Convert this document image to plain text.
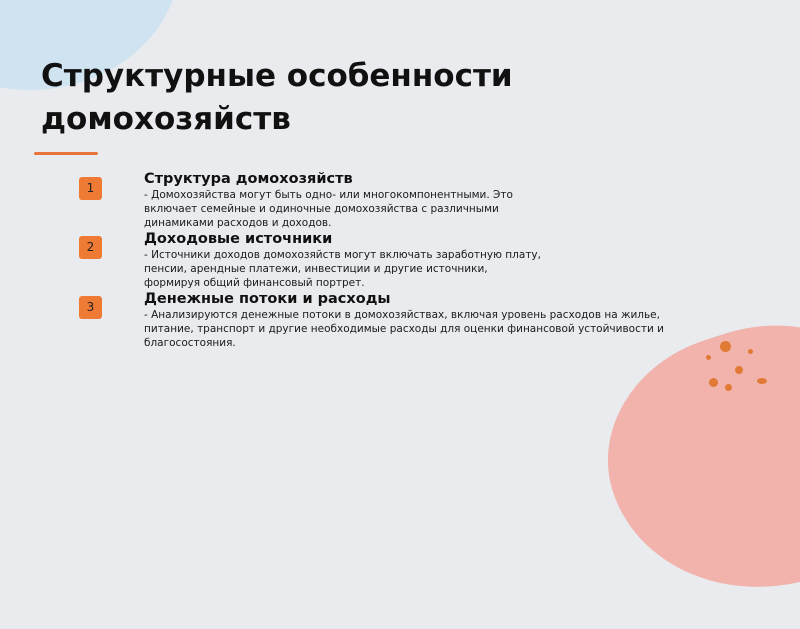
Структурные особенности домохозяйств
1

Структура домохозяйств

- Домохозяйства могут быть одно- или многокомпонентными. Это включает семейные и одиночные домохозяйства с различными динамиками расходов и доходов.

2	Доходовые источники

- Источники доходов домохозяйств могут включать заработную плату, пенсии, арендные платежи, инвестиции и другие источники, формируя общий финансовый портрет.

3	Денежные потоки и расходы

- Анализируются денежные потоки в домохозяйствах, включая уровень расходов на жилье, питание, транспорт и другие необходимые расходы для оценки финансовой устойчивости и благосостояния.
